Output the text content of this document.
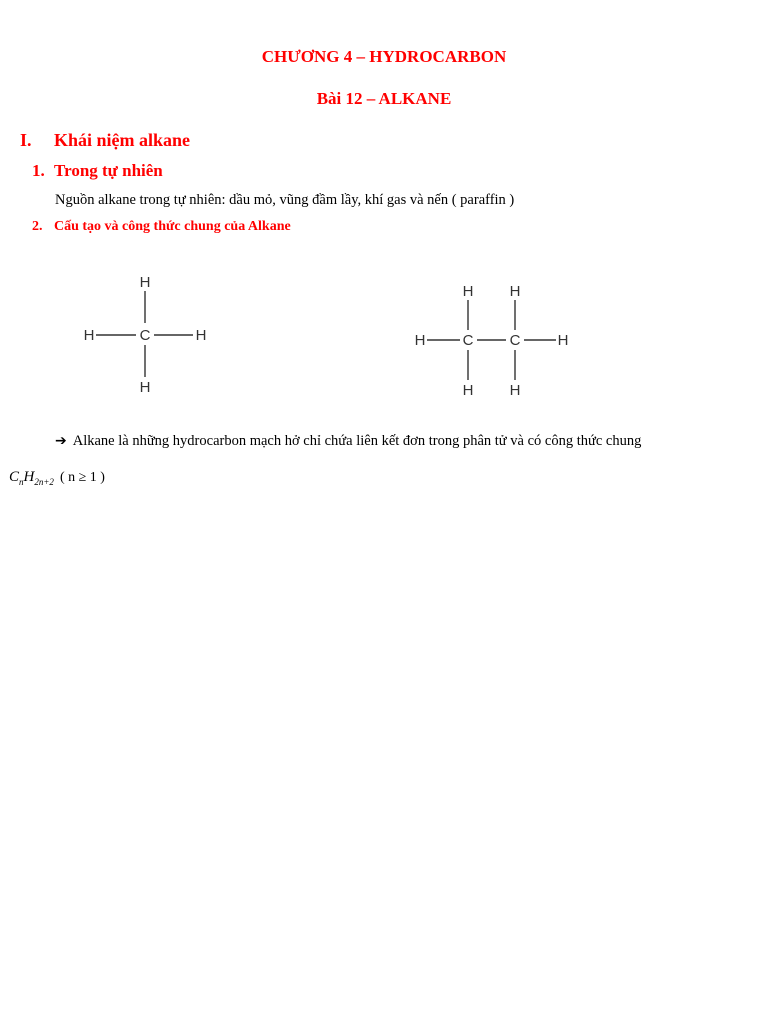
CHƯƠNG 4 – HYDROCARBON
Bài 12 – ALKANE
I. Khái niệm alkane
1. Trong tự nhiên
Nguồn alkane trong tự nhiên: dầu mỏ, vũng đầm lầy, khí gas và nến ( paraffin )
2. Cấu tạo và công thức chung của Alkane
H
H	C	H
H
H H
H C C H
H H
➔ Alkane là những hydrocarbon mạch hở chỉ chứa liên kết đơn trong phân tử và có công thức chung
$C_nH_{2n+2}$ ( n ≥ 1 )
